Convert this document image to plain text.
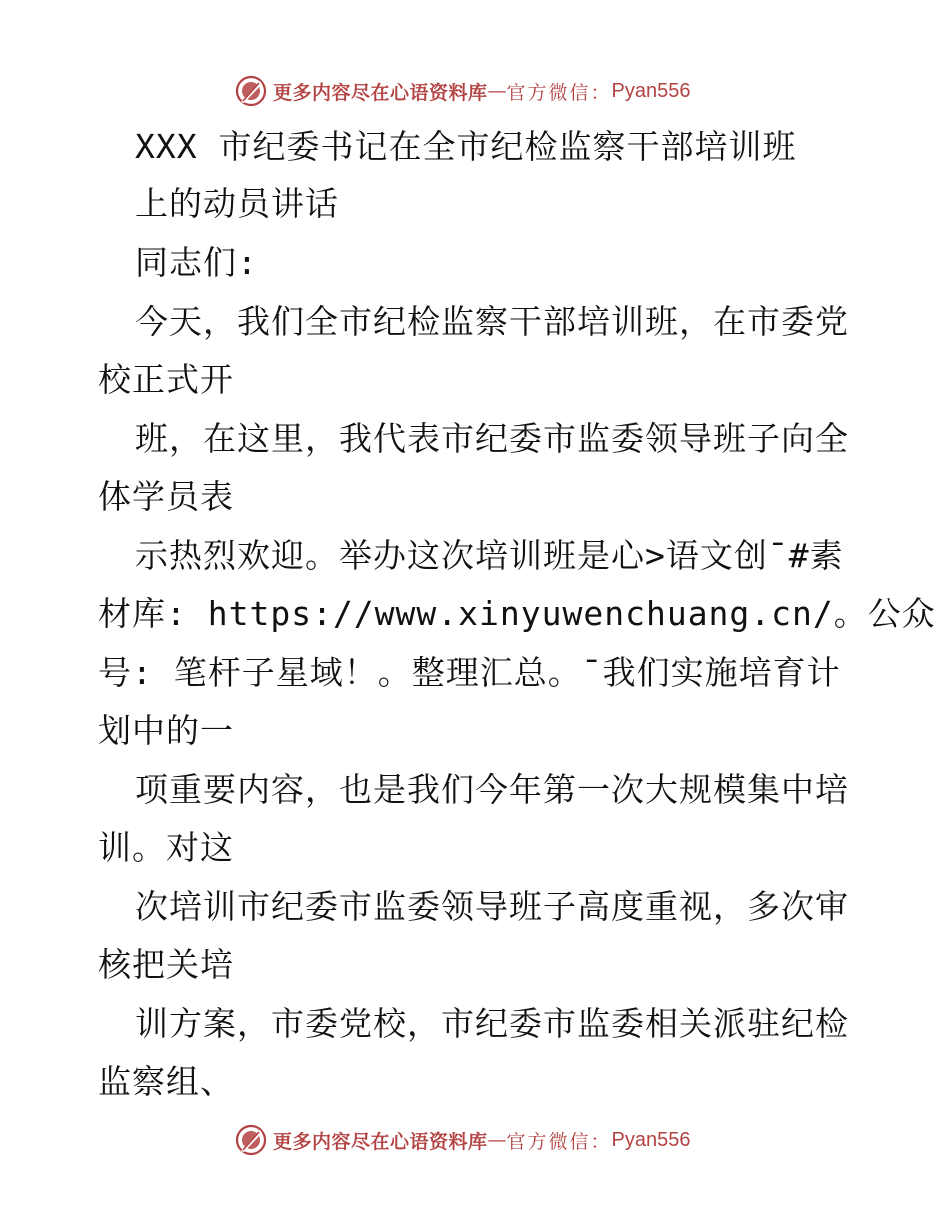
更多内容尽在心语资料库 — 官方微信： Pyan556
XXX 市纪委书记在全市纪检监察干部培训班
上的动员讲话
同志们:
今天，我们全市纪检监察干部培训班，在市委党
校正式开
班，在这里，我代表市纪委市监委领导班子向全
体学员表
示热烈欢迎。举办这次培训班是心>语文创¯#素
材库: https://www.xinyuwenchuang.cn/。公众
号: 笔杆子星域！。整理汇总。¯我们实施培育计
划中的一
项重要内容，也是我们今年第一次大规模集中培
训。对这
次培训市纪委市监委领导班子高度重视，多次审
核把关培
训方案，市委党校，市纪委市监委相关派驻纪检
监察组、
更多内容尽在心语资料库 — 官方微信： Pyan556
